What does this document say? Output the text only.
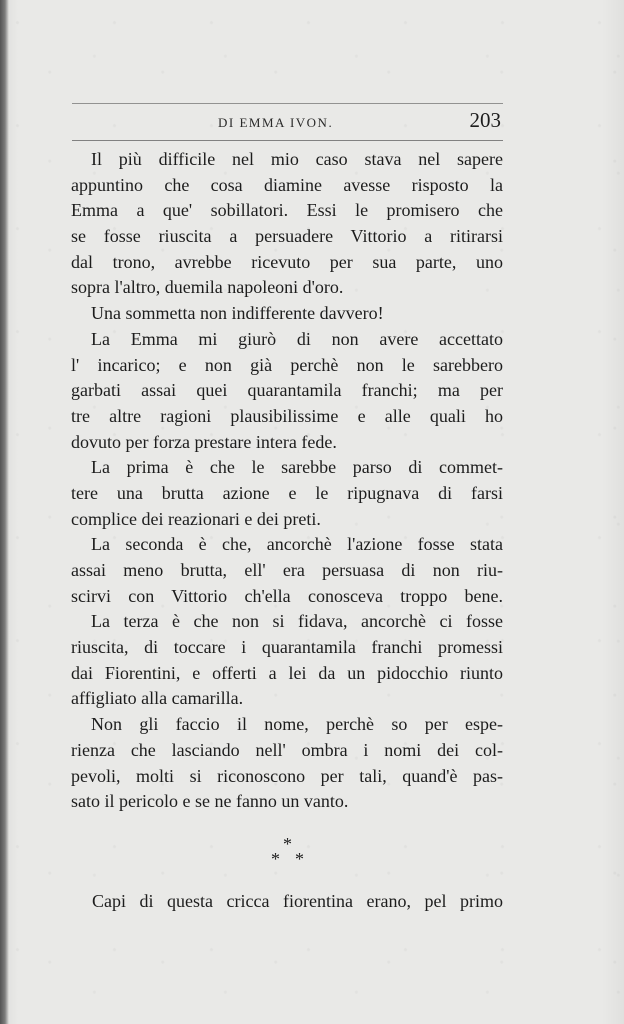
DI EMMA IVON.	203
Il più difficile nel mio caso stava nel sapere
appuntino che cosa diamine avesse risposto la
Emma a que' sobillatori. Essi le promisero che
se fosse riuscita a persuadere Vittorio a ritirarsi
dal trono, avrebbe ricevuto per sua parte, uno
sopra l'altro, duemila napoleoni d'oro.
Una sommetta non indifferente davvero!
La Emma mi giurò di non avere accettato
l' incarico; e non già perchè non le sarebbero
garbati assai quei quarantamila franchi; ma per
tre altre ragioni plausibilissime e alle quali ho
dovuto per forza prestare intera fede.
La prima è che le sarebbe parso di commet-
tere una brutta azione e le ripugnava di farsi
complice dei reazionari e dei preti.
La seconda è che, ancorchè l'azione fosse stata
assai meno brutta, ell' era persuasa di non riu-
scirvi con Vittorio ch'ella conosceva troppo bene.
La terza è che non si fidava, ancorchè ci fosse
riuscita, di toccare i quarantamila franchi promessi
dai Fiorentini, e offerti a lei da un pidocchio riunto
affigliato alla camarilla.
Non gli faccio il nome, perchè so per espe-
rienza che lasciando nell' ombra i nomi dei col-
pevoli, molti si riconoscono per tali, quand'è pas-
sato il pericolo e se ne fanno un vanto.
*
* *
Capi di questa cricca fiorentina erano, pel primo
